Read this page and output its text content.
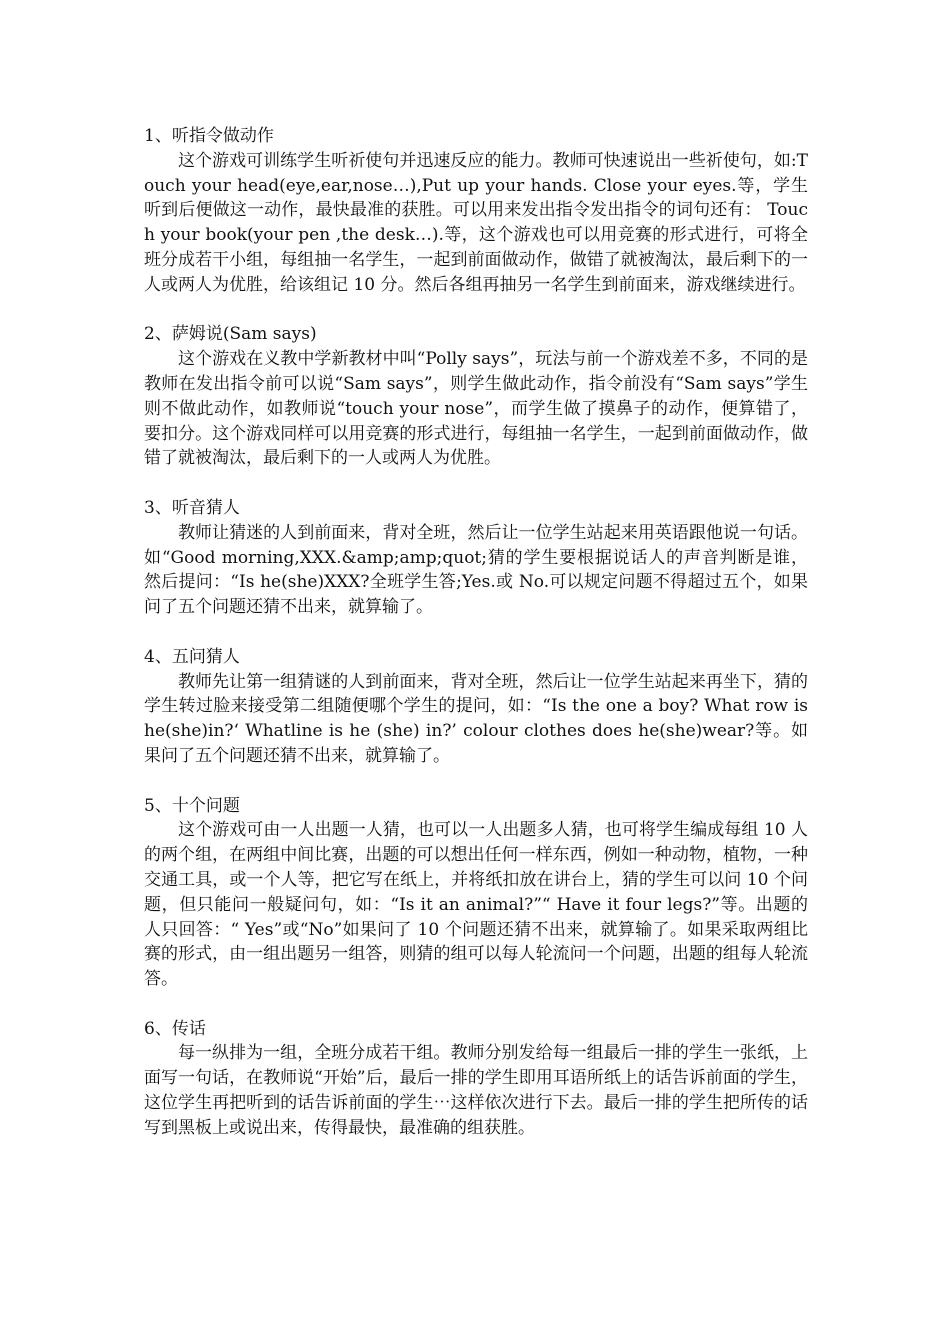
1、听指令做动作
这个游戏可训练学生听祈使句并迅速反应的能力。教师可快速说出一些祈使句，如:Touch your head(eye,ear,nose…),Put up your hands. Close your eyes.等，学生听到后便做这一动作，最快最准的获胜。可以用来发出指令发出指令的词句还有： Touch your book(your pen ,the desk…).等，这个游戏也可以用竞赛的形式进行，可将全班分成若干小组，每组抽一名学生，一起到前面做动作，做错了就被淘汰，最后剩下的一人或两人为优胜，给该组记 10 分。然后各组再抽另一名学生到前面来，游戏继续进行。
2、萨姆说(Sam says)
这个游戏在义教中学新教材中叫“Polly says”，玩法与前一个游戏差不多，不同的是教师在发出指令前可以说“Sam says”，则学生做此动作，指令前没有“Sam says”学生则不做此动作，如教师说“touch your nose”，而学生做了摸鼻子的动作，便算错了，要扣分。这个游戏同样可以用竞赛的形式进行，每组抽一名学生，一起到前面做动作，做错了就被淘汰，最后剩下的一人或两人为优胜。
3、听音猜人
教师让猜迷的人到前面来，背对全班，然后让一位学生站起来用英语跟他说一句话。如“Good morning,XXX.&amp;amp;quot;猜的学生要根据说话人的声音判断是谁，然后提问：“Is he(she)XXX?全班学生答;Yes.或 No.可以规定问题不得超过五个，如果问了五个问题还猜不出来，就算输了。
4、五问猜人
教师先让第一组猜谜的人到前面来，背对全班，然后让一位学生站起来再坐下，猜的学生转过脸来接受第二组随便哪个学生的提问，如：“Is the one a boy? What row is he(she)in?‘ Whatline is he (she) in?’ colour clothes does he(she)wear?等。如果问了五个问题还猜不出来，就算输了。
5、十个问题
这个游戏可由一人出题一人猜，也可以一人出题多人猜，也可将学生编成每组 10 人的两个组，在两组中间比赛，出题的可以想出任何一样东西，例如一种动物，植物，一种交通工具，或一个人等，把它写在纸上，并将纸扣放在讲台上，猜的学生可以问 10 个问题，但只能问一般疑问句，如：“Is it an animal?”“ Have it four legs?”等。出题的人只回答：“ Yes”或“No”如果问了 10 个问题还猜不出来，就算输了。如果采取两组比赛的形式，由一组出题另一组答，则猜的组可以每人轮流问一个问题，出题的组每人轮流答。
6、传话
每一纵排为一组，全班分成若干组。教师分别发给每一组最后一排的学生一张纸，上面写一句话，在教师说“开始”后，最后一排的学生即用耳语所纸上的话告诉前面的学生，这位学生再把听到的话告诉前面的学生⋯这样依次进行下去。最后一排的学生把所传的话写到黑板上或说出来，传得最快，最准确的组获胜。
